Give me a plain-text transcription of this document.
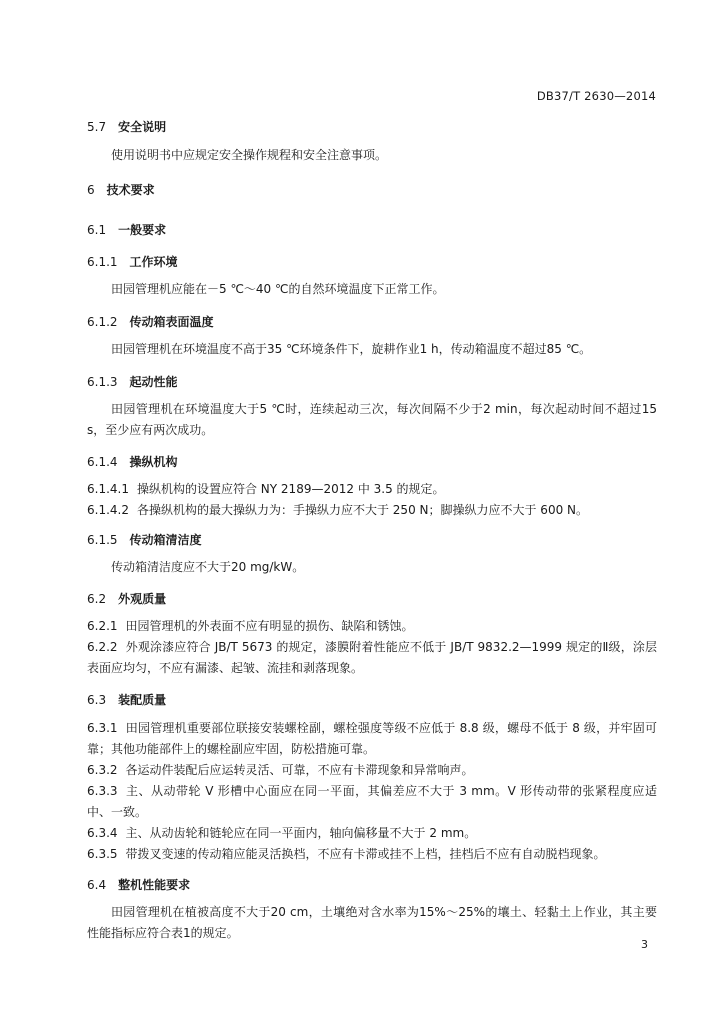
DB37/T 2630—2014
5.7 安全说明
使用说明书中应规定安全操作规程和安全注意事项。
6 技术要求
6.1 一般要求
6.1.1 工作环境
田园管理机应能在－5 ℃～40 ℃的自然环境温度下正常工作。
6.1.2 传动箱表面温度
田园管理机在环境温度不高于35 ℃环境条件下，旋耕作业1 h，传动箱温度不超过85 ℃。
6.1.3 起动性能
田园管理机在环境温度大于5 ℃时，连续起动三次，每次间隔不少于2 min，每次起动时间不超过15 s，至少应有两次成功。
6.1.4 操纵机构
6.1.4.1 操纵机构的设置应符合 NY 2189—2012 中 3.5 的规定。
6.1.4.2 各操纵机构的最大操纵力为：手操纵力应不大于 250 N；脚操纵力应不大于 600 N。
6.1.5 传动箱清洁度
传动箱清洁度应不大于20 mg/kW。
6.2 外观质量
6.2.1 田园管理机的外表面不应有明显的损伤、缺陷和锈蚀。
6.2.2 外观涂漆应符合 JB/T 5673 的规定，漆膜附着性能应不低于 JB/T 9832.2—1999 规定的Ⅱ级，涂层表面应均匀，不应有漏漆、起皱、流挂和剥落现象。
6.3 装配质量
6.3.1 田园管理机重要部位联接安装螺栓副，螺栓强度等级不应低于 8.8 级，螺母不低于 8 级，并牢固可靠；其他功能部件上的螺栓副应牢固，防松措施可靠。
6.3.2 各运动件装配后应运转灵活、可靠，不应有卡滞现象和异常响声。
6.3.3 主、从动带轮 V 形槽中心面应在同一平面，其偏差应不大于 3 mm。V 形传动带的张紧程度应适中、一致。
6.3.4 主、从动齿轮和链轮应在同一平面内，轴向偏移量不大于 2 mm。
6.3.5 带拨叉变速的传动箱应能灵活换档，不应有卡滞或挂不上档，挂档后不应有自动脱档现象。
6.4 整机性能要求
田园管理机在植被高度不大于20 cm，土壤绝对含水率为15%～25%的壤土、轻黏土上作业，其主要性能指标应符合表1的规定。
3
